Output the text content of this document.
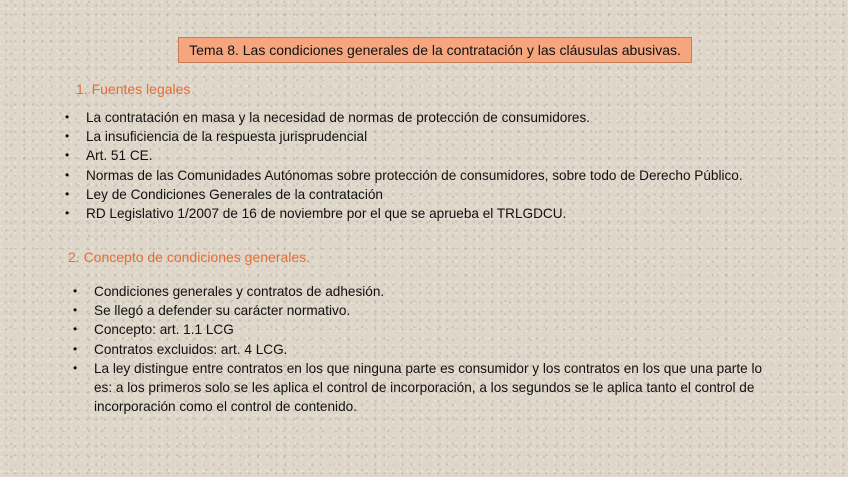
Tema 8. Las condiciones generales de la contratación y las cláusulas abusivas.
1. Fuentes legales
• La contratación en masa y la necesidad de normas de protección de consumidores.
• La insuficiencia de la respuesta jurisprudencial
• Art. 51 CE.
• Normas de las Comunidades Autónomas sobre protección de consumidores, sobre todo de Derecho Público.
• Ley de Condiciones Generales de la contratación
• RD Legislativo 1/2007 de 16 de noviembre por el que se aprueba el TRLGDCU.
2. Concepto de condiciones generales.
• Condiciones generales y contratos de adhesión.
• Se llegó a defender su carácter normativo.
• Concepto: art. 1.1 LCG
• Contratos excluidos: art. 4 LCG.
• La ley distingue entre contratos en los que ninguna parte es consumidor y los contratos en los que una parte lo es: a los primeros solo se les aplica el control de incorporación, a los segundos se le aplica tanto el control de incorporación como el control de contenido.
